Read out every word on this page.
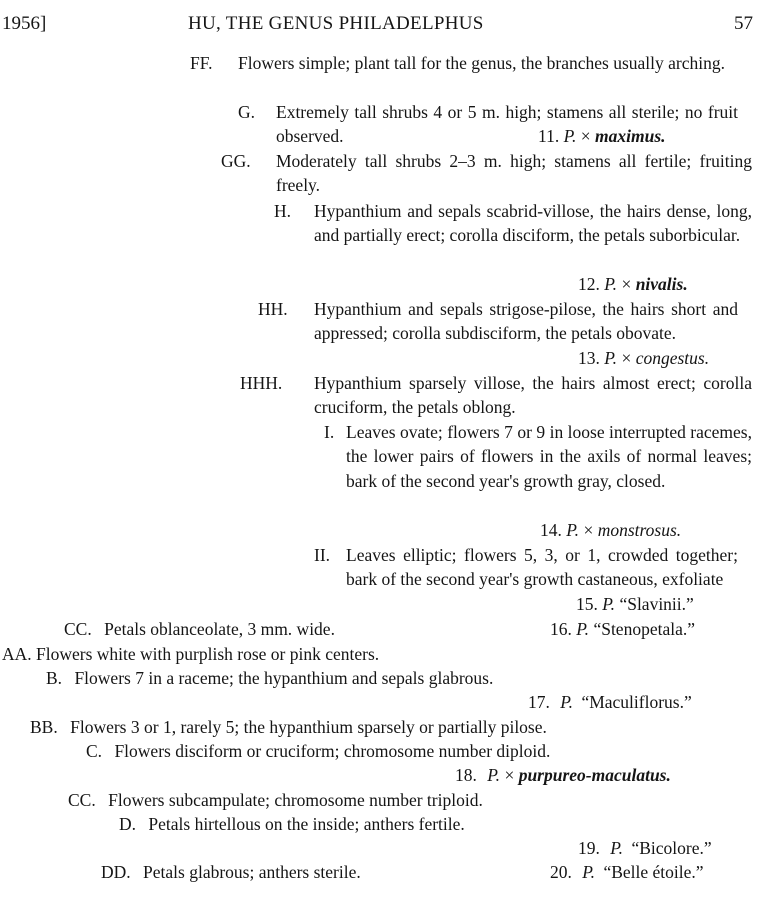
1956]	HU, THE GENUS PHILADELPHUS	57
FF. Flowers simple; plant tall for the genus, the branches usually arching.
G. Extremely tall shrubs 4 or 5 m. high; stamens all sterile; no fruit observed.	11. P. × maximus.
GG. Moderately tall shrubs 2–3 m. high; stamens all fertile; fruiting freely.
H. Hypanthium and sepals scabrid-villose, the hairs dense, long, and partially erect; corolla disciform, the petals suborbicular.
12. P. × nivalis.
HH. Hypanthium and sepals strigose-pilose, the hairs short and appressed; corolla subdisciform, the petals obovate.
13. P. × congestus.
HHH. Hypanthium sparsely villose, the hairs almost erect; corolla cruciform, the petals oblong.
I. Leaves ovate; flowers 7 or 9 in loose interrupted racemes, the lower pairs of flowers in the axils of normal leaves; bark of the second year's growth gray, closed.
14. P. × monstrosus.
II. Leaves elliptic; flowers 5, 3, or 1, crowded together; bark of the second year's growth castaneous, exfoliate
15. P. “Slavinii.”
CC. Petals oblanceolate, 3 mm. wide.	16. P. “Stenopetala.”
AA. Flowers white with purplish rose or pink centers.
B. Flowers 7 in a raceme; the hypanthium and sepals glabrous.
17. P. “Maculiflorus.”
BB. Flowers 3 or 1, rarely 5; the hypanthium sparsely or partially pilose.
C. Flowers disciform or cruciform; chromosome number diploid.
18. P. × purpureo-maculatus.
CC. Flowers subcampulate; chromosome number triploid.
D. Petals hirtellous on the inside; anthers fertile.
19. P. “Bicolore.”
DD. Petals glabrous; anthers sterile.	20. P. “Belle étoile.”
